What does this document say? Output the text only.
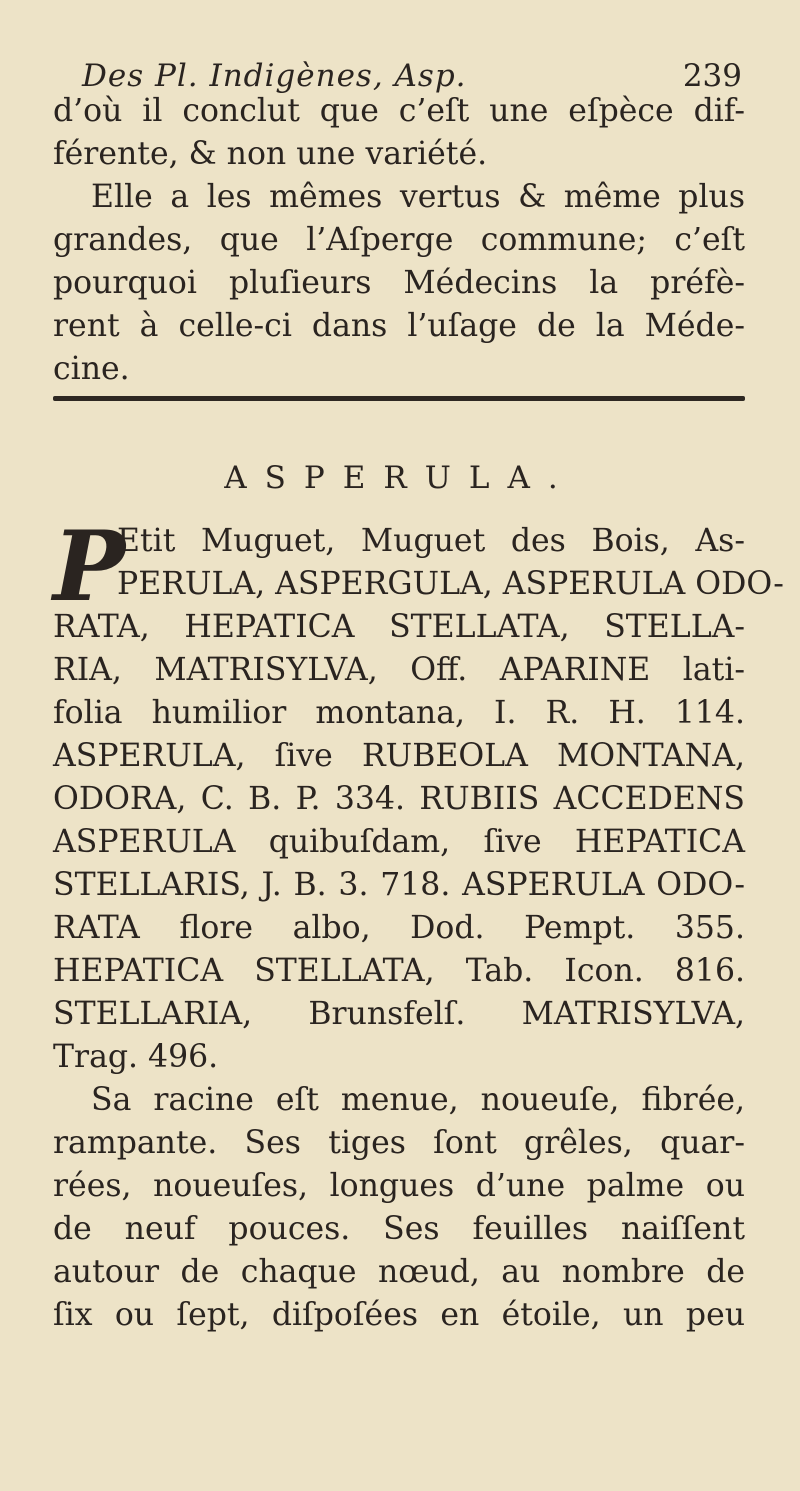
Des Pl. Indigènes, Asp.	239
d’où il conclut que c’eſt une eſpèce dif-
férente, & non une variété.
Elle a les mêmes vertus & même plus
grandes, que l’Aſperge commune; c’eſt
pourquoi pluſieurs Médecins la préfè-
rent à celle-ci dans l’uſage de la Méde-
cine.
ASPERULA.
P
Etit Muguet, Muguet des Bois, As-
PERULA, ASPERGULA, ASPERULA ODO-
RATA, HEPATICA STELLATA, STELLA-
RIA, MATRISYLVA, Off. APARINE lati-
folia humilior montana, I. R. H. 114.
ASPERULA, ſive RUBEOLA MONTANA,
ODORA, C. B. P. 334. RUBIIS ACCEDENS
ASPERULA quibuſdam, ſive HEPATICA
STELLARIS, J. B. 3. 718. ASPERULA ODO-
RATA flore albo, Dod. Pempt. 355.
HEPATICA STELLATA, Tab. Icon. 816.
STELLARIA, Brunsfelſ. MATRISYLVA,
Trag. 496.
Sa racine eſt menue, noueuſe, fibrée,
rampante. Ses tiges ſont grêles, quar-
rées, noueuſes, longues d’une palme ou
de neuf pouces. Ses feuilles naiſſent
autour de chaque nœud, au nombre de
ſix ou ſept, diſpoſées en étoile, un peu
